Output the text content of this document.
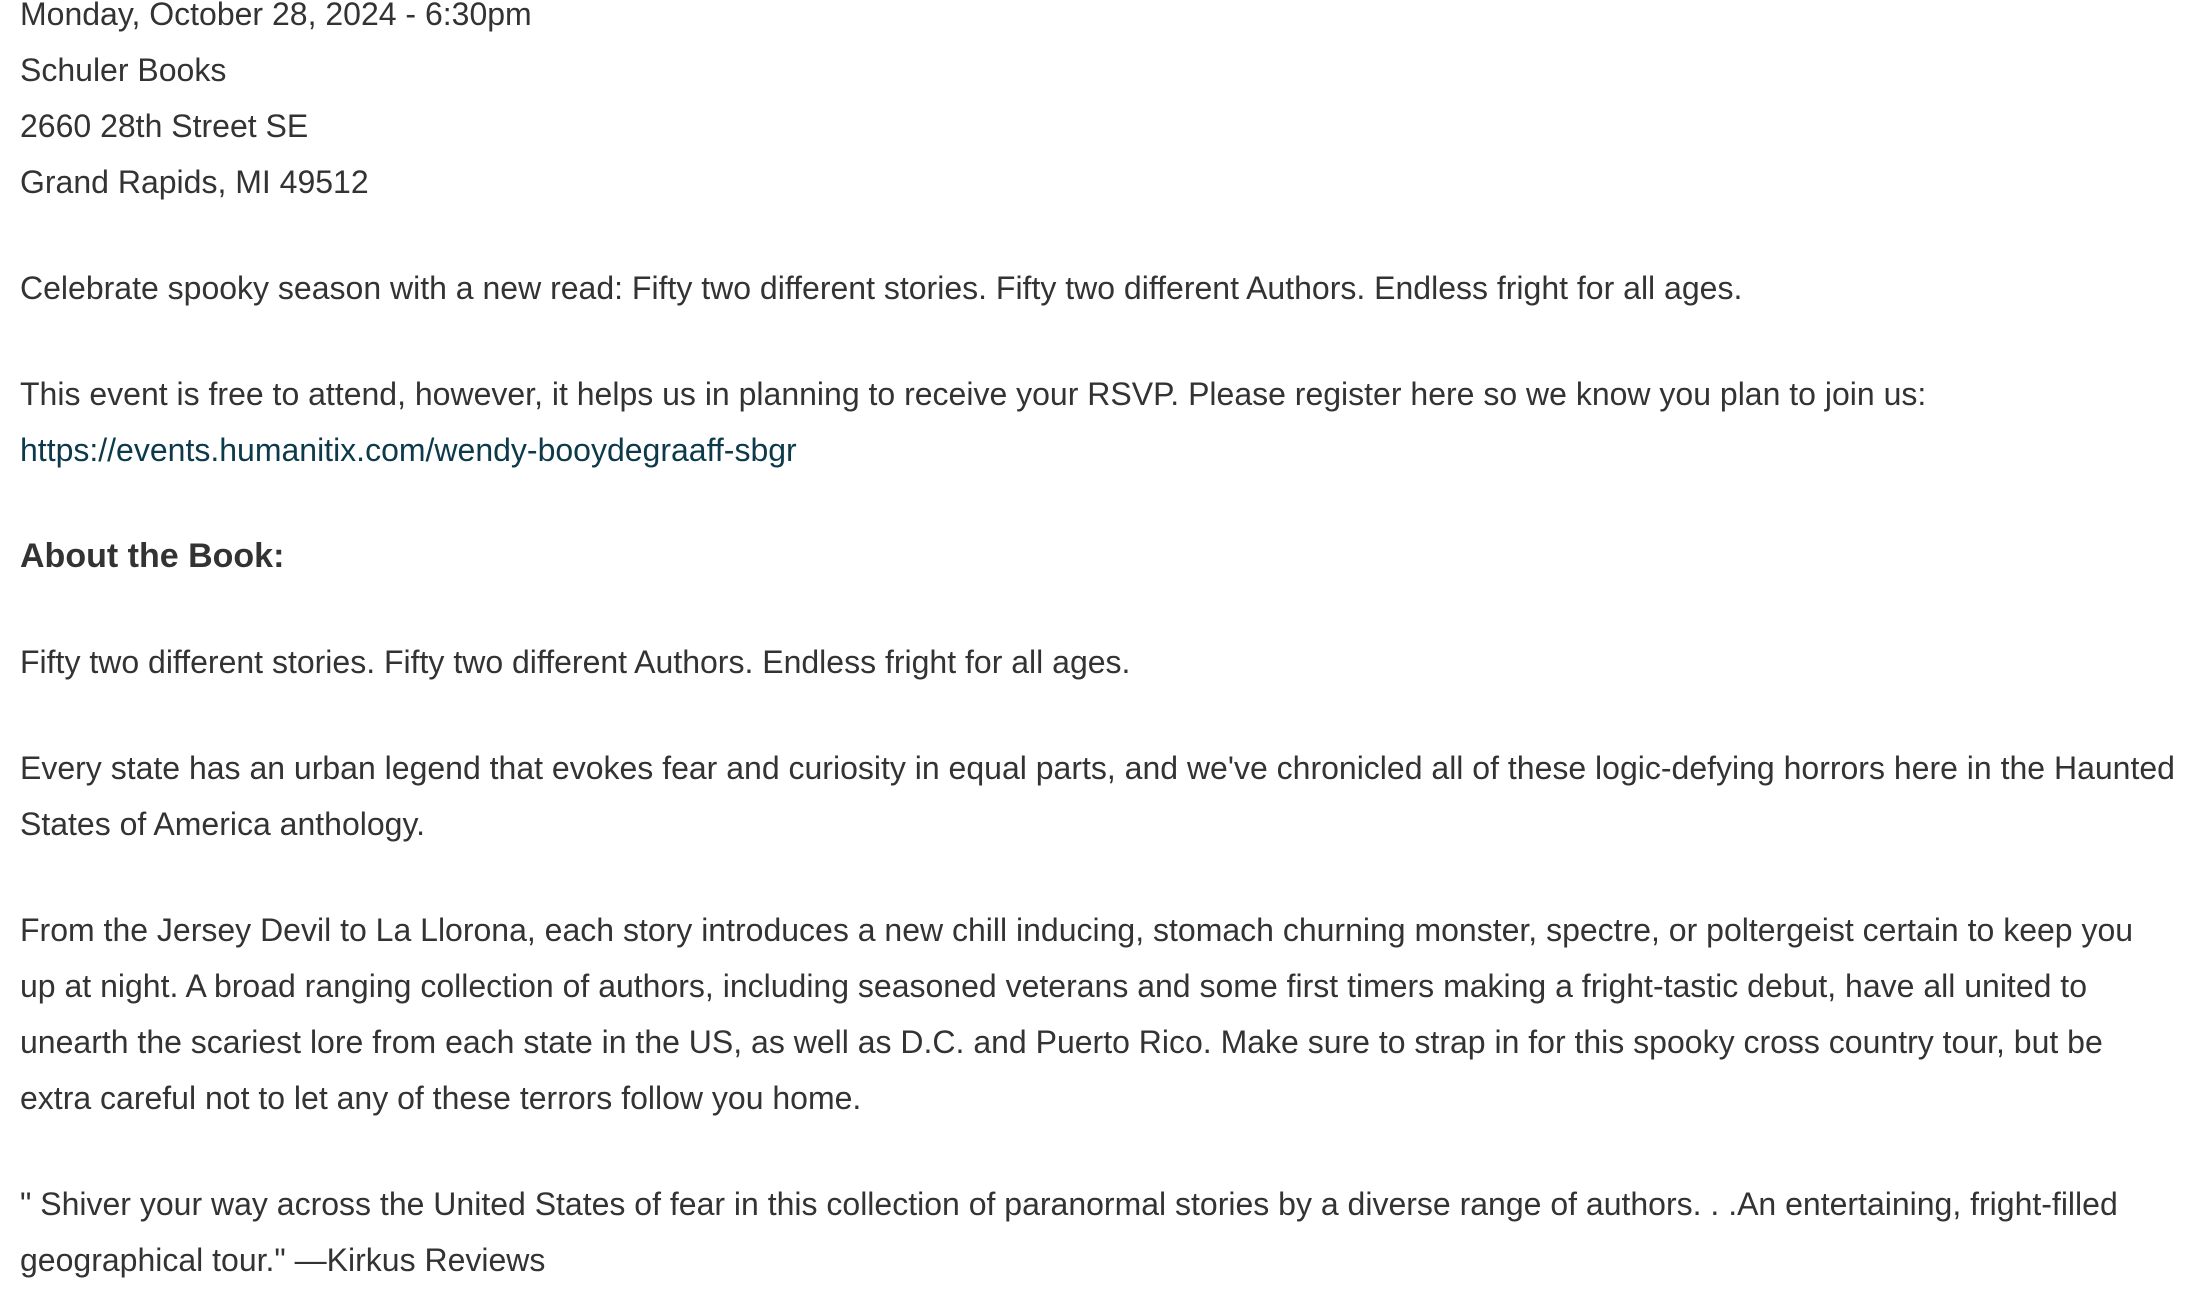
Monday, October 28, 2024 - 6:30pm
Schuler Books
2660 28th Street SE
Grand Rapids, MI 49512
Celebrate spooky season with a new read: Fifty two different stories. Fifty two different Authors. Endless fright for all ages.
This event is free to attend, however, it helps us in planning to receive your RSVP. Please register here so we know you plan to join us:
https://events.humanitix.com/wendy-booydegraaff-sbgr
About the Book:
Fifty two different stories. Fifty two different Authors. Endless fright for all ages.
Every state has an urban legend that evokes fear and curiosity in equal parts, and we've chronicled all of these logic-defying horrors here in the Haunted
States of America anthology.
From the Jersey Devil to La Llorona, each story introduces a new chill inducing, stomach churning monster, spectre, or poltergeist certain to keep you
up at night. A broad ranging collection of authors, including seasoned veterans and some first timers making a fright-tastic debut, have all united to
unearth the scariest lore from each state in the US, as well as D.C. and Puerto Rico. Make sure to strap in for this spooky cross country tour, but be
extra careful not to let any of these terrors follow you home.
" Shiver your way across the United States of fear in this collection of paranormal stories by a diverse range of authors. . .An entertaining, fright-filled
geographical tour." —Kirkus Reviews
